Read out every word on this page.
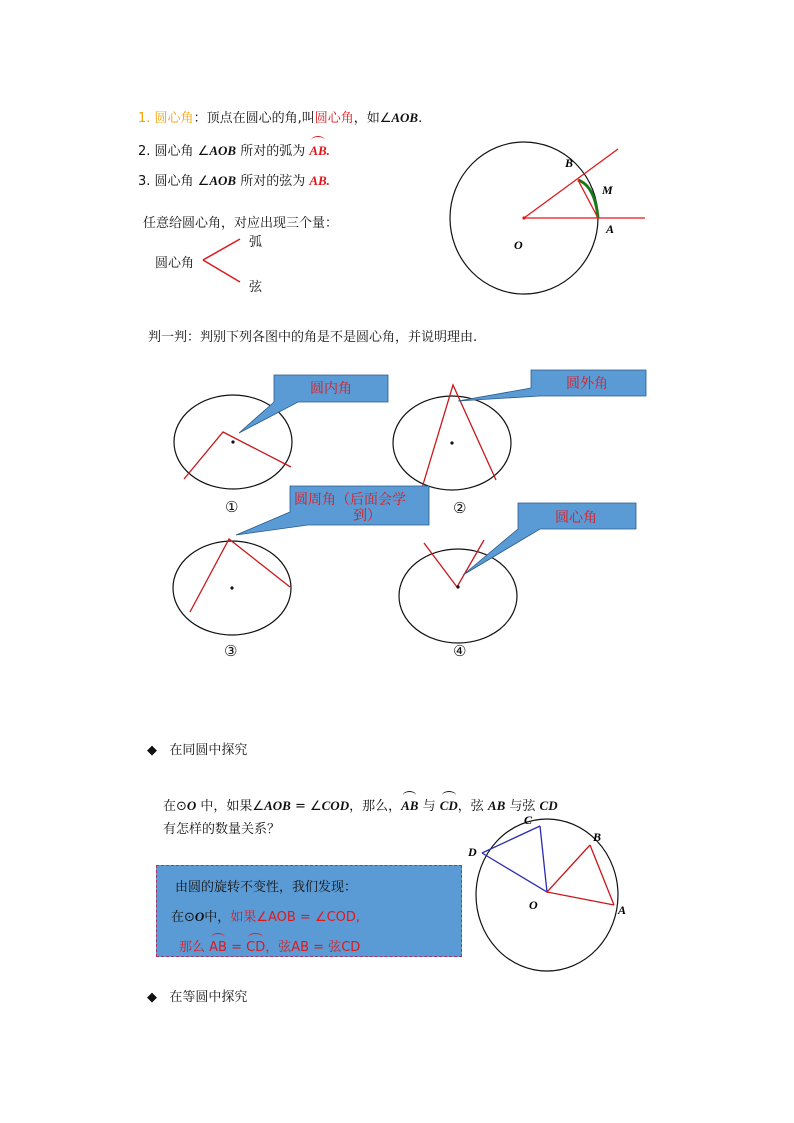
1. 圆心角：顶点在圆心的角,叫圆心角，如∠AOB.
2. 圆心角 ∠AOB 所对的弧为 AB.
3. 圆心角 ∠AOB 所对的弦为 AB.
任意给圆心角，对应出现三个量：
圆心角
弧
弦
B
M
O
A
判一判：判别下列各图中的角是不是圆心角，并说明理由.
圆内角
①
圆外角
②
圆周角（后面会学
到）
③
圆心角
④
◆ 在同圆中探究
在⊙O 中，如果∠AOB = ∠COD，那么，AB 与 CD，弦 AB 与弦 CD
有怎样的数量关系？
由圆的旋转不变性，我们发现：
在⊙O中，如果∠AOB = ∠COD,
那么 AB = CD，弦AB = 弦CD
C
B
D
O	A
◆ 在等圆中探究
